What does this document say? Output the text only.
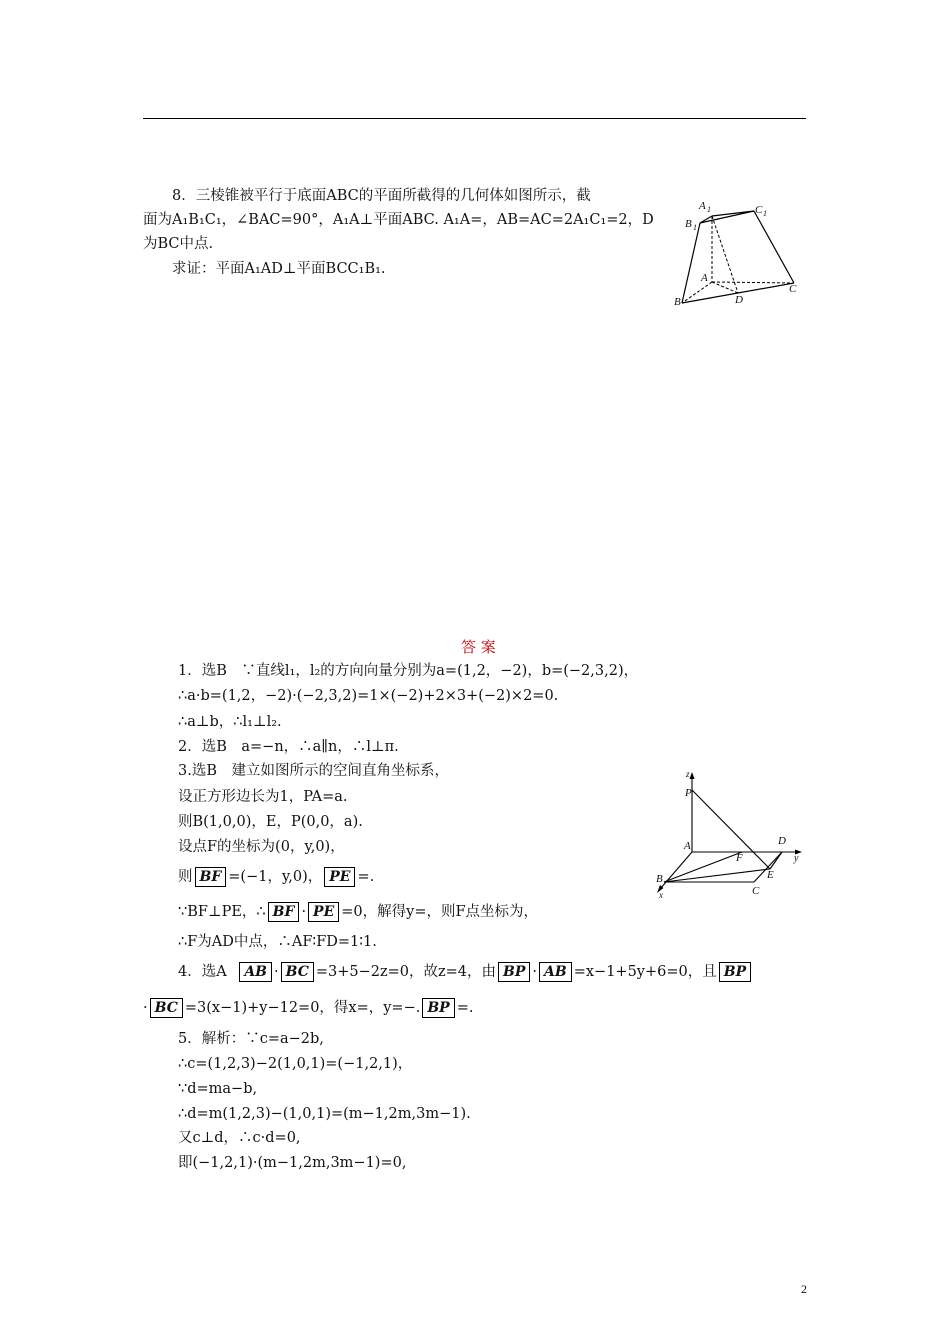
8．三棱锥被平行于底面ABC的平面所截得的几何体如图所示，截
面为A₁B₁C₁，∠BAC=90°，A₁A⊥平面ABC. A₁A=，AB=AC=2A₁C₁=2，D
为BC中点.
求证：平面A₁AD⊥平面BCC₁B₁.
A 1	C 1
B 1
A
B
C
D
答 案
1．选B　∵直线l₁，l₂的方向向量分别为a=(1,2，−2)，b=(−2,3,2)，
∴a·b=(1,2，−2)·(−2,3,2)=1×(−2)+2×3+(−2)×2=0.
∴a⊥b，∴l₁⊥l₂.
2．选B　a=−n，∴a∥n，∴l⊥π.
3.选B　建立如图所示的空间直角坐标系，
设正方形边长为1，PA=a.
则B(1,0,0)，E，P(0,0，a).
设点F的坐标为(0，y,0)，
则 BF =(−1，y,0)， PE =.
∵BF⊥PE，∴ BF · PE =0，解得y=，则F点坐标为，
∴F为AD中点，∴AF∶FD=1∶1.
z
P
A
F
D
y
E
B
C
x
4．选A AB · BC =3+5−2z=0，故z=4，由 BP · AB =x−1+5y+6=0，且 BP
· BC =3(x−1)+y−12=0，得x=，y=−. BP =.
5．解析：∵c=a−2b,
∴c=(1,2,3)−2(1,0,1)=(−1,2,1)，
∵d=ma−b,
∴d=m(1,2,3)−(1,0,1)=(m−1,2m,3m−1).
又c⊥d，∴c·d=0,
即(−1,2,1)·(m−1,2m,3m−1)=0,
2
